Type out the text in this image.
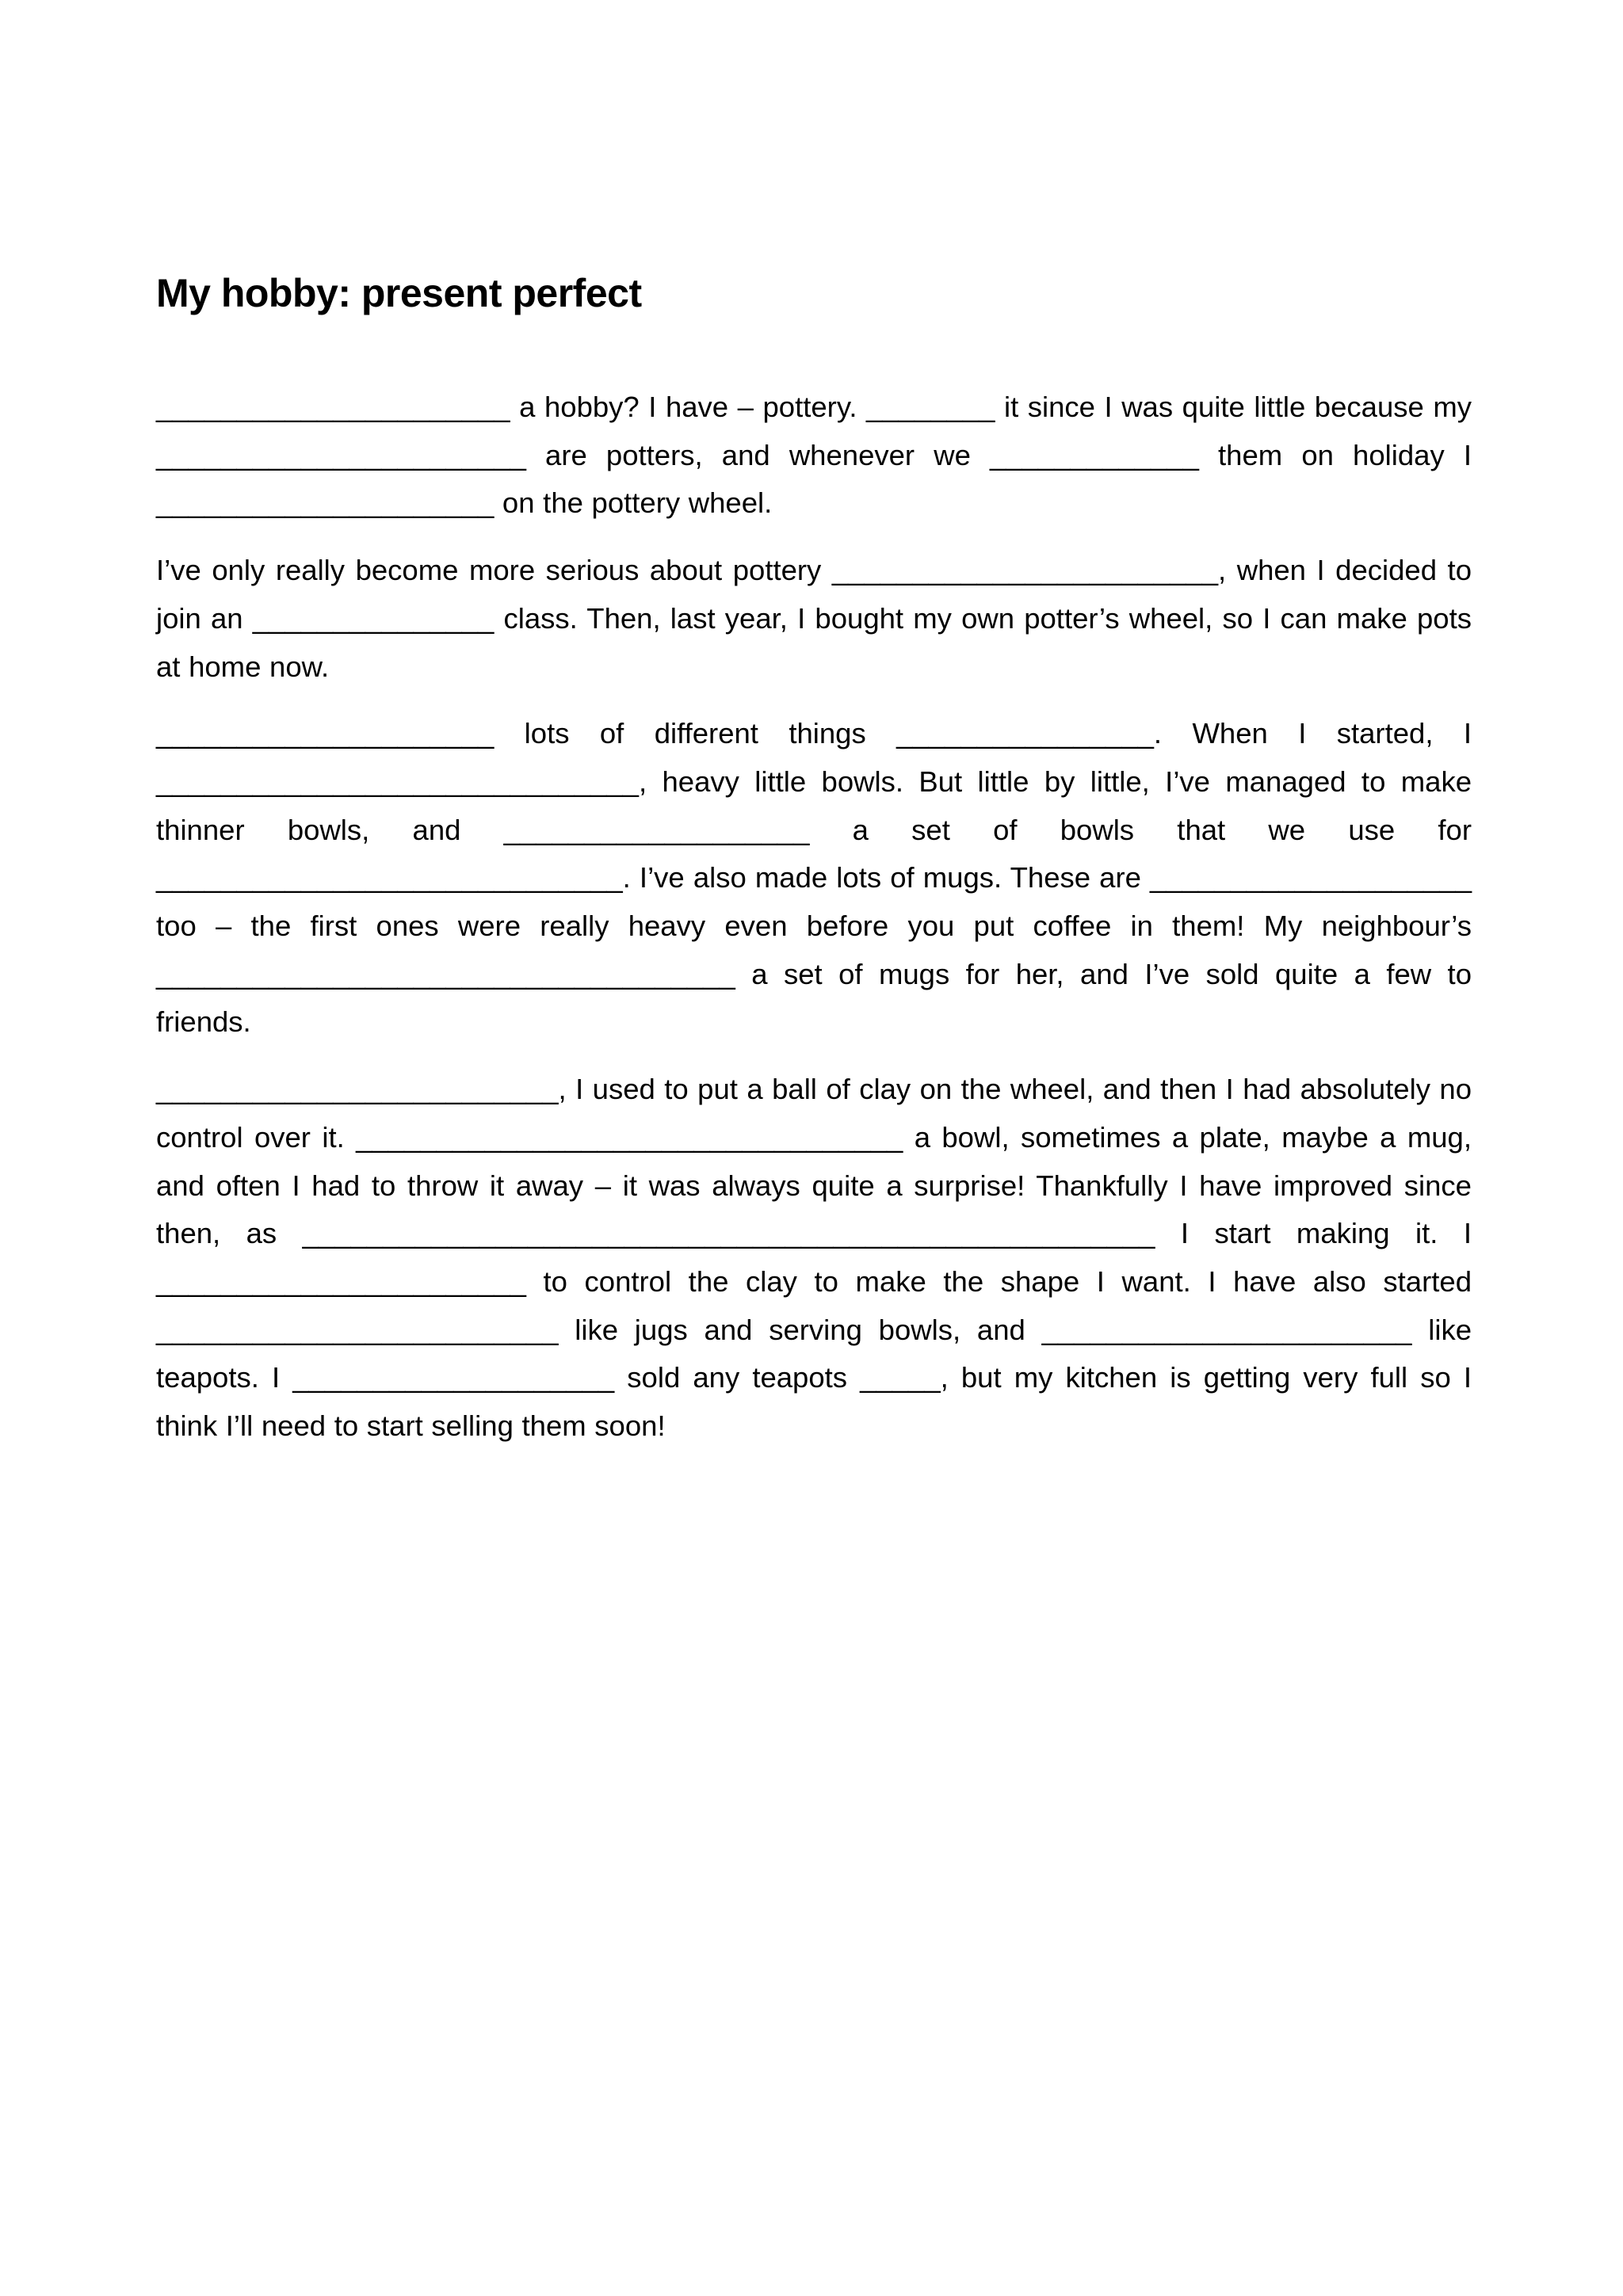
My hobby: present perfect

______________________ a hobby? I have – pottery. ________ it since I was quite little because my _______________________ are potters, and whenever we _____________ them on holiday I _____________________ on the pottery wheel.

I’ve only really become more serious about pottery ________________________, when I decided to join an _______________ class. Then, last year, I bought my own potter’s wheel, so I can make pots at home now.

_____________________ lots of different things ________________. When I started, I ______________________________, heavy little bowls. But little by little, I’ve managed to make thinner bowls, and ___________________ a set of bowls that we use for _____________________________. I’ve also made lots of mugs. These are ____________________ too – the first ones were really heavy even before you put coffee in them! My neighbour’s ____________________________________ a set of mugs for her, and I’ve sold quite a few to friends.

_________________________, I used to put a ball of clay on the wheel, and then I had absolutely no control over it. __________________________________ a bowl, sometimes a plate, maybe a mug, and often I had to throw it away – it was always quite a surprise! Thankfully I have improved since then, as _____________________________________________________ I start making it. I _______________________ to control the clay to make the shape I want. I have also started _________________________ like jugs and serving bowls, and _______________________ like teapots. I ____________________ sold any teapots _____, but my kitchen is getting very full so I think I’ll need to start selling them soon!
